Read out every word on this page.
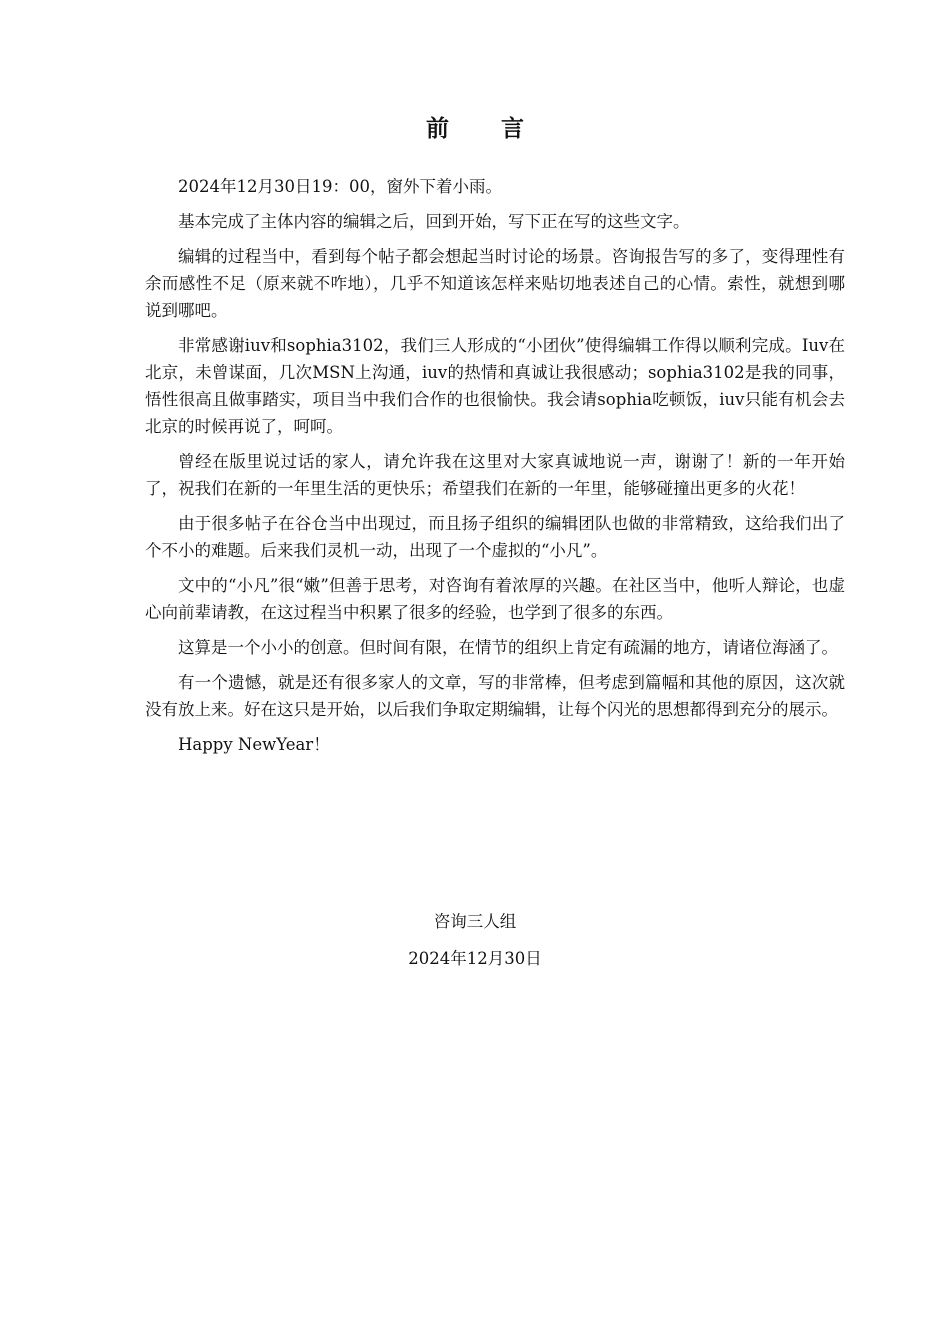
前 言

2024年12月30日19：00，窗外下着小雨。

基本完成了主体内容的编辑之后，回到开始，写下正在写的这些文字。

编辑的过程当中，看到每个帖子都会想起当时讨论的场景。咨询报告写的多了，变得理性有余而感性不足（原来就不咋地），几乎不知道该怎样来贴切地表述自己的心情。索性，就想到哪说到哪吧。

非常感谢iuv和sophia3102，我们三人形成的“小团伙”使得编辑工作得以顺利完成。Iuv在北京，未曾谋面，几次MSN上沟通，iuv的热情和真诚让我很感动；sophia3102是我的同事，悟性很高且做事踏实，项目当中我们合作的也很愉快。我会请sophia吃顿饭，iuv只能有机会去北京的时候再说了，呵呵。

曾经在版里说过话的家人，请允许我在这里对大家真诚地说一声，谢谢了！新的一年开始了，祝我们在新的一年里生活的更快乐；希望我们在新的一年里，能够碰撞出更多的火花！

由于很多帖子在谷仓当中出现过，而且扬子组织的编辑团队也做的非常精致，这给我们出了个不小的难题。后来我们灵机一动，出现了一个虚拟的“小凡”。

文中的“小凡”很“嫩”但善于思考，对咨询有着浓厚的兴趣。在社区当中，他听人辩论，也虚心向前辈请教，在这过程当中积累了很多的经验，也学到了很多的东西。

这算是一个小小的创意。但时间有限，在情节的组织上肯定有疏漏的地方，请诸位海涵了。

有一个遗憾，就是还有很多家人的文章，写的非常棒，但考虑到篇幅和其他的原因，这次就没有放上来。好在这只是开始，以后我们争取定期编辑，让每个闪光的思想都得到充分的展示。

Happy NewYear！

咨询三人组
2024年12月30日
